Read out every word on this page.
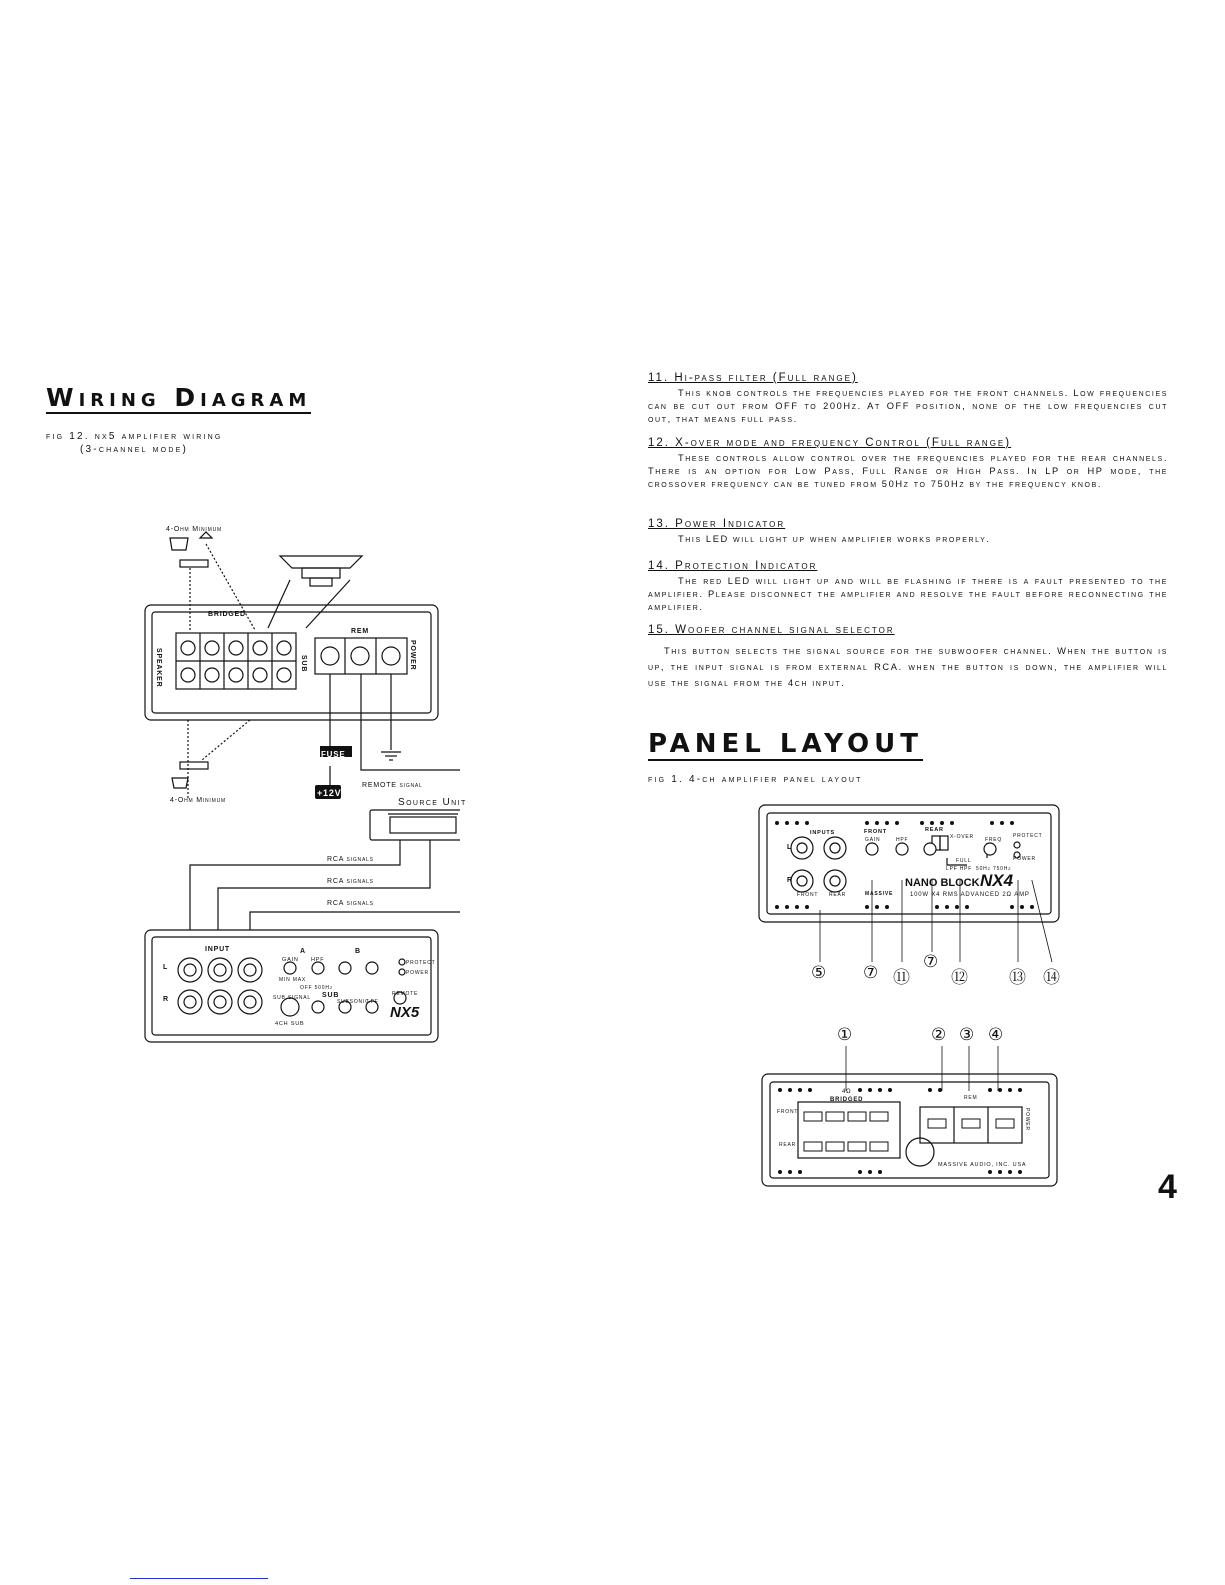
Wiring Diagram
fig 12. nx5 amplifier wiring
(3-channel mode)
4-Ohm Minimum
BRIDGED
SPEAKER	SUB
REM
POWER
FUSE
+12V
REMOTE signal
4-Ohm Minimum	Source Unit
RCA signals
RCA signals
RCA signals
INPUT
L
R
A	B
GAIN HPF
MIN MAX
OFF 500Hz
SUB
SUBSONIC
LPF
SUB SIGNAL
4CH SUB
PROTECT
POWER
REMOTE
NX5
11. Hi-pass filter (Full range)
This knob controls the frequencies played for the front channels. Low frequencies can be cut out from OFF to 200Hz. At OFF position, none of the low frequencies cut out, that means full pass.
12. X-over mode and frequency Control (Full range)
These controls allow control over the frequencies played for the rear channels. There is an option for Low Pass, Full Range or High Pass. In LP or HP mode, the crossover frequency can be tuned from 50Hz to 750Hz by the frequency knob.
13. Power Indicator
This LED will light up when amplifier works properly.
14. Protection Indicator
The red LED will light up and will be flashing if there is a fault presented to the amplifier. Please disconnect the amplifier and resolve the fault before reconnecting the amplifier.
15. Woofer channel signal selector
This button selects the signal source for the subwoofer channel. When the button is up, the input signal is from external RCA. when the button is down, the amplifier will use the signal from the 4ch input.
PANEL LAYOUT
fig 1. 4-ch amplifier panel layout
INPUTS	FRONT	REAR
GAIN	HPF	X-OVER FREQ
FULL
LPF HPF 50Hz 750Hz
PROTECT
POWER
MASSIVE
NANO BLOCK NX4
100W X4 RMS ADVANCED 2Ω AMP
FRONT REAR
L
R
⑤ ⑦ ⑪
⑦
⑫ ⑬ ⑭
①	② ③ ④
4Ω
BRIDGED
FRONT
REAR
REM
POWER
MASSIVE AUDIO, INC. USA
4
